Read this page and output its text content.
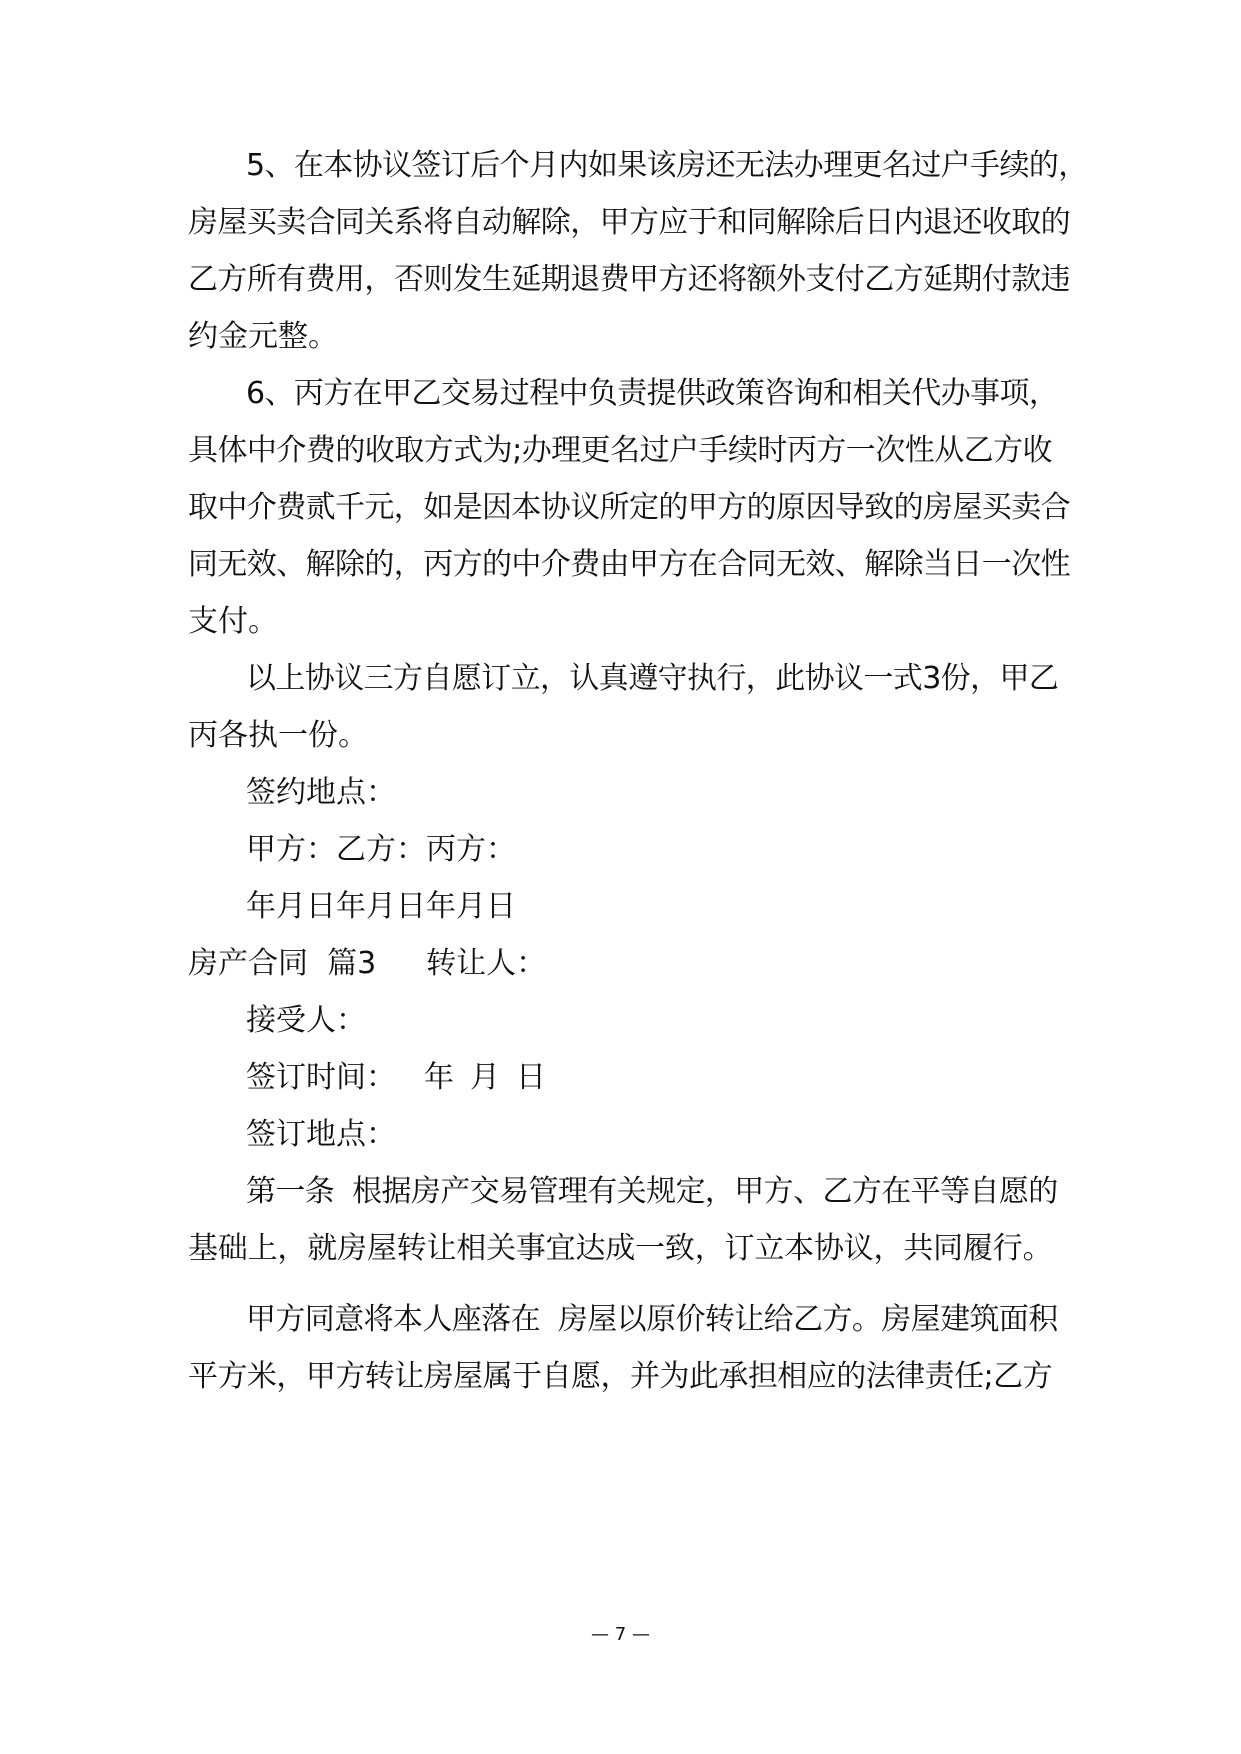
5、在本协议签订后个月内如果该房还无法办理更名过户手续的，

房屋买卖合同关系将自动解除，甲方应于和同解除后日内退还收取的

乙方所有费用，否则发生延期退费甲方还将额外支付乙方延期付款违

约金元整。

6、丙方在甲乙交易过程中负责提供政策咨询和相关代办事项，

具体中介费的收取方式为;办理更名过户手续时丙方一次性从乙方收

取中介费贰千元，如是因本协议所定的甲方的原因导致的房屋买卖合

同无效、解除的，丙方的中介费由甲方在合同无效、解除当日一次性

支付。

以上协议三方自愿订立，认真遵守执行，此协议一式3份，甲乙

丙各执一份。

签约地点：

甲方：乙方：丙方：

年月日年月日年月日

房产合同  篇3 转让人：

接受人：

签订时间： 年 月 日

签订地点：

第一条  根据房产交易管理有关规定，甲方、乙方在平等自愿的

基础上，就房屋转让相关事宜达成一致，订立本协议，共同履行。

甲方同意将本人座落在  房屋以原价转让给乙方。房屋建筑面积

平方米，甲方转让房屋属于自愿，并为此承担相应的法律责任;乙方

— 7 —
